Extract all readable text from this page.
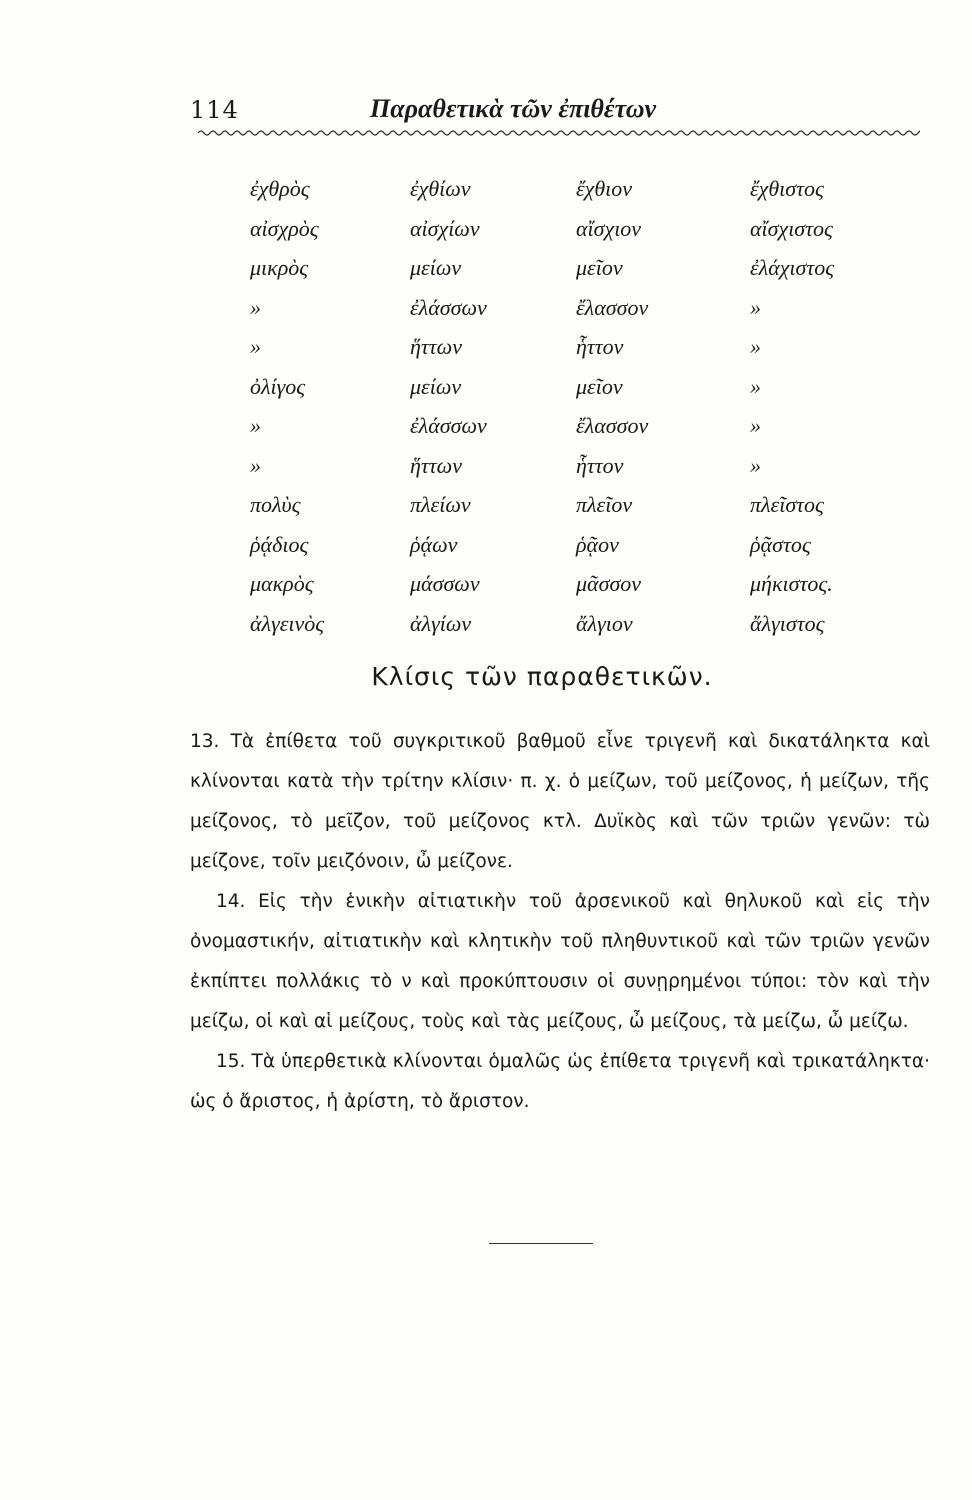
114	Παραθετικὰ τῶν ἐπιθέτων
ἐχθρὸς	ἐχθίων	ἔχθιον	ἔχθιστος
αἰσχρὸς	αἰσχίων	αἴσχιον	αἴσχιστος
μικρὸς	μείων	μεῖον	ἐλάχιστος
»	ἐλάσσων	ἔλασσον	»
»	ἥττων	ἧττον	»
ὀλίγος	μείων	μεῖον	»
»	ἐλάσσων	ἔλασσον	»
»	ἥττων	ἧττον	»
πολὺς	πλείων	πλεῖον	πλεῖστος
ῥᾴδιος	ῥᾴων	ῥᾷον	ῥᾷστος
μακρὸς	μάσσων	μᾶσσον	μήκιστος.
ἀλγεινὸς	ἀλγίων	ἄλγιον	ἄλγιστος
Κλίσις τῶν παραθετικῶν.

13. Τὰ ἐπίθετα τοῦ συγκριτικοῦ βαθμοῦ εἶνε τριγενῆ καὶ δικατάληκτα καὶ κλίνονται κατὰ τὴν τρίτην κλίσιν· π. χ. ὁ μείζων, τοῦ μείζονος, ἡ μείζων, τῆς μείζονος, τὸ μεῖζον, τοῦ μείζονος κτλ. Δυϊκὸς καὶ τῶν τριῶν γενῶν: τὼ μείζονε, τοῖν μειζόνοιν, ὦ μείζονε.

14. Εἰς τὴν ἑνικὴν αἰτιατικὴν τοῦ ἀρσενικοῦ καὶ θηλυκοῦ καὶ εἰς τὴν ὀνομαστικήν, αἰτιατικὴν καὶ κλητικὴν τοῦ πληθυντικοῦ καὶ τῶν τριῶν γενῶν ἐκπίπτει πολλάκις τὸ ν καὶ προκύπτουσιν οἱ συνῃρημένοι τύποι: τὸν καὶ τὴν μείζω, οἱ καὶ αἱ μείζους, τοὺς καὶ τὰς μείζους, ὦ μείζους, τὰ μείζω, ὦ μείζω.

15. Τὰ ὑπερθετικὰ κλίνονται ὁμαλῶς ὡς ἐπίθετα τριγενῆ καὶ τρικατάληκτα· ὡς ὁ ἄριστος, ἡ ἀρίστη, τὸ ἄριστον.
